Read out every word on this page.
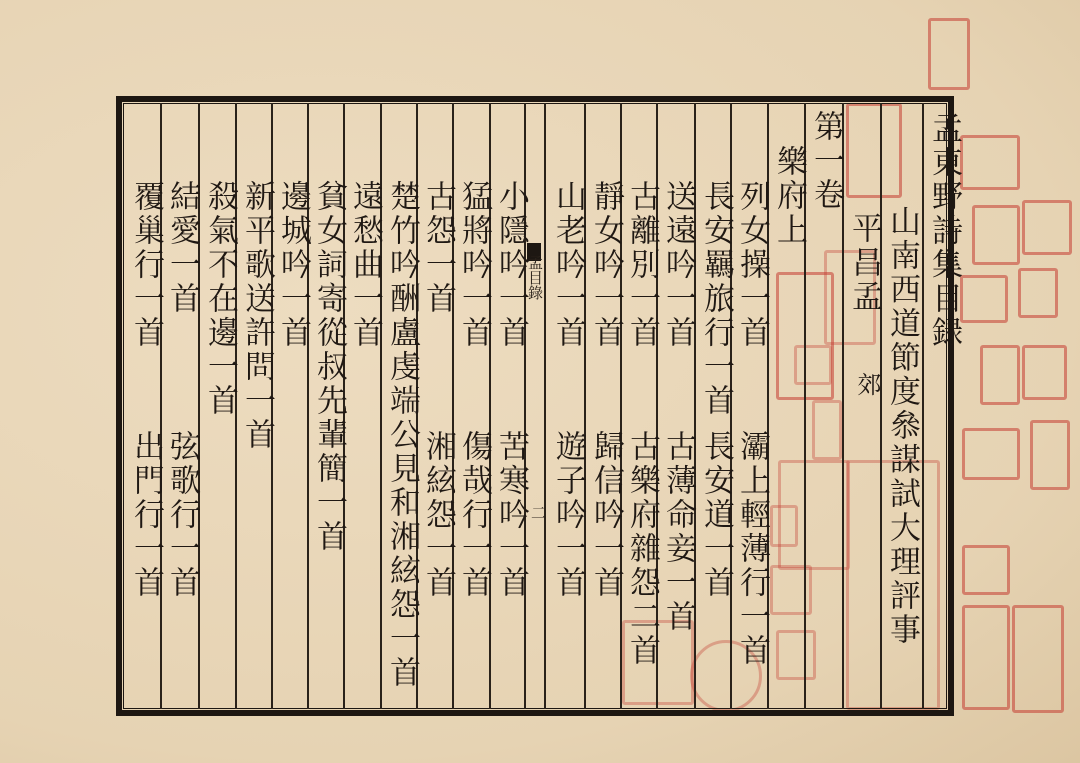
孟目錄
二
孟東野詩集目録
山南西道節度叅謀試大理評事
平昌孟
郊
第一卷
樂府上
列女操一首
灞上輕薄行一首
長安羈旅行一首
長安道一首
送遠吟一首
古薄命妾一首
古離別一首
古樂府雜怨二首
靜女吟一首
歸信吟一首
山老吟一首
遊子吟一首
小隱吟一首
苦寒吟一首
猛將吟一首
傷哉行一首
古怨一首
湘絃怨一首
楚竹吟酬盧虔端公見和湘絃怨一首
遠愁曲一首
貧女詞寄從叔先輩簡一首
邊城吟一首
新平歌送許問一首
殺氣不在邊一首
結愛一首
弦歌行一首
覆巢行一首
出門行一首
